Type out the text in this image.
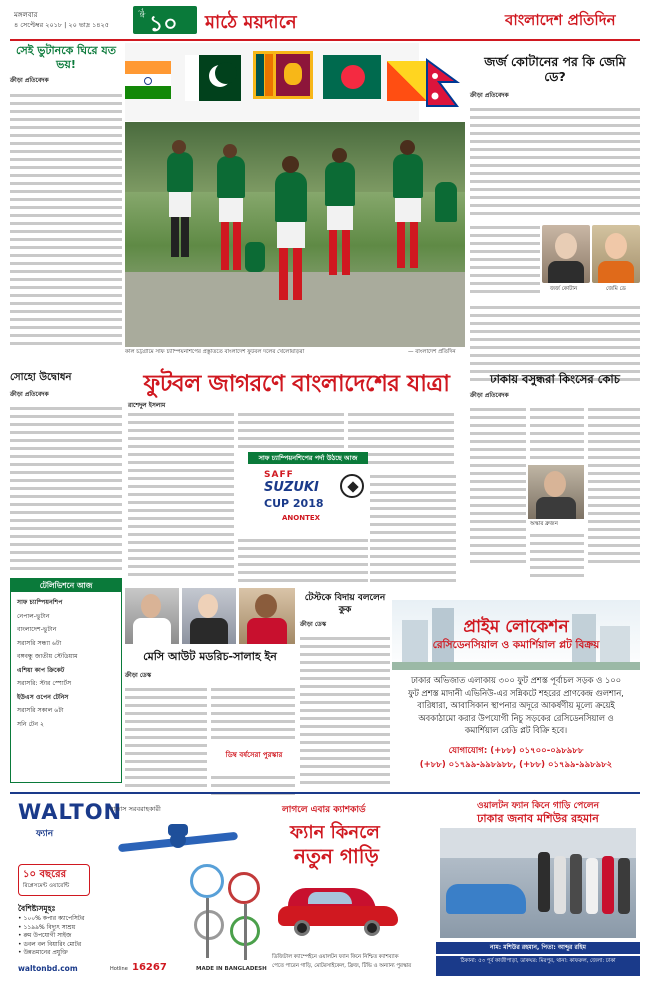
মঙ্গলবার
৪ সেপ্টেম্বর ২০১৮ | ২০ ভাদ্র ১৪২৫
পৃষ্ঠা ১০ মাঠে ময়দানে	বাংলাদেশ প্রতিদিন
সেই ভুটানকে ঘিরে যত ভয়!
ক্রীড়া প্রতিবেদক
কাল চট্টগ্রামে সাফ চ্যাম্পিয়নশিপের প্রস্তুতিতে বাংলাদেশ ফুটবল দলের খেলোয়াড়রা	— বাংলাদেশ প্রতিদিন
জর্জ কোটানের পর কি জেমি ডে?
ক্রীড়া প্রতিবেদক
জর্জ কোটান	জেমি ডে
ফুটবল জাগরণে বাংলাদেশের যাত্রা
রাশেদুল ইসলাম
সাফ চ্যাম্পিয়নশিপের পর্দা উঠছে আজ
SAFF
SUZUKI
CUP 2018
ANONTEX
সোহো উদ্বোধন
ক্রীড়া প্রতিবেদক
ঢাকায় বসুন্ধরা কিংসের কোচ
ক্রীড়া প্রতিবেদক
অস্কার ব্রুজন
টেলিভিশনে আজ
সাফ চ্যাম্পিয়নশিপ
নেপাল-ভুটান
বাংলাদেশ-ভুটান
সরাসরি সন্ধ্যা ৬টা
বঙ্গবন্ধু জাতীয় স্টেডিয়াম
এশিয়া কাপ ক্রিকেট
সরাসরি: স্টার স্পোর্টস
ইউএস ওপেন টেনিস
সরাসরি সকাল ৬টা
সনি টেন ২
মেসি আউট মডরিচ-সালাহ ইন
ক্রীড়া ডেস্ক
ডিম্ব বর্ষসেরা পুরস্কার
টেস্টকে বিদায় বললেন কুক
ক্রীড়া ডেস্ক	প্রাইম লোকেশন
রেসিডেনসিয়াল ও কমার্শিয়াল প্লট বিক্রয়
ঢাকার অভিজাত এলাকায় ৩০০ ফুট প্রশস্ত পূর্বাচল সড়ক ও ১০০
ফুট প্রশস্ত মাদানী এভিনিউ-এর সন্নিকটে শহরের প্রাণকেন্দ্র গুলশান,
বারিধারা, আবাসিকান স্থাপনার অদূরে আকর্ষণীয় মূল্যে ক্রয়েই
অবকাঠামো করার উপযোগী নিচু সড়কের রেসিডেনসিয়াল ও
কমার্শিয়াল রেডি প্লট বিক্রি হবে।
যোগাযোগ: (+৮৮) ০১৭০০-০৯৮৯৮৮
(+৮৮) ০১৭৯৯-৯৯৮৯৮৮, (+৮৮) ০১৭৯৯-৯৯৮৯৮২
WALTON
ফ্যান
১০ বছরের
রিপ্লেসমেন্ট ওয়ারেন্টি
বৈশিষ্ট্যসমূহঃ
• ১০০% কপার ক্যাপেসিটর
• ১১৯৯% বিদ্যুৎ সাশ্রয়
• রুম উপযোগী সাইজ
• ডবল বল বিয়ারিং মোটর
• উন্নতমানের প্রযুক্তি
waltonbd.com	Hotline 16267
বাতাস সরবরাহকারী
MADE IN BANGLADESH
লাগলে এবার ক্যাশকার্ড
ফ্যান কিনলে
নতুন গাড়ি
ডিজিটাল ক্যাম্পেইনে ওয়ালটন ফ্যান কিনে নিশ্চিত ক্যাশব্যাক
পেতে পারেন গাড়ি, মোটরসাইকেল, ফ্রিজ, টিভি ও অন্যান্য পুরস্কার
ওয়ালটন ফ্যান কিনে গাড়ি পেলেন
ঢাকার জনাব মশিউর রহমান
নাম: মশিউর রহমান, পিতা: আব্দুর রহিম
ঠিকানা: ৫৩ পূর্ব কাজীপাড়া, ডাকঘর: মিরপুর, থানা: কাফরুল, জেলা: ঢাকা
